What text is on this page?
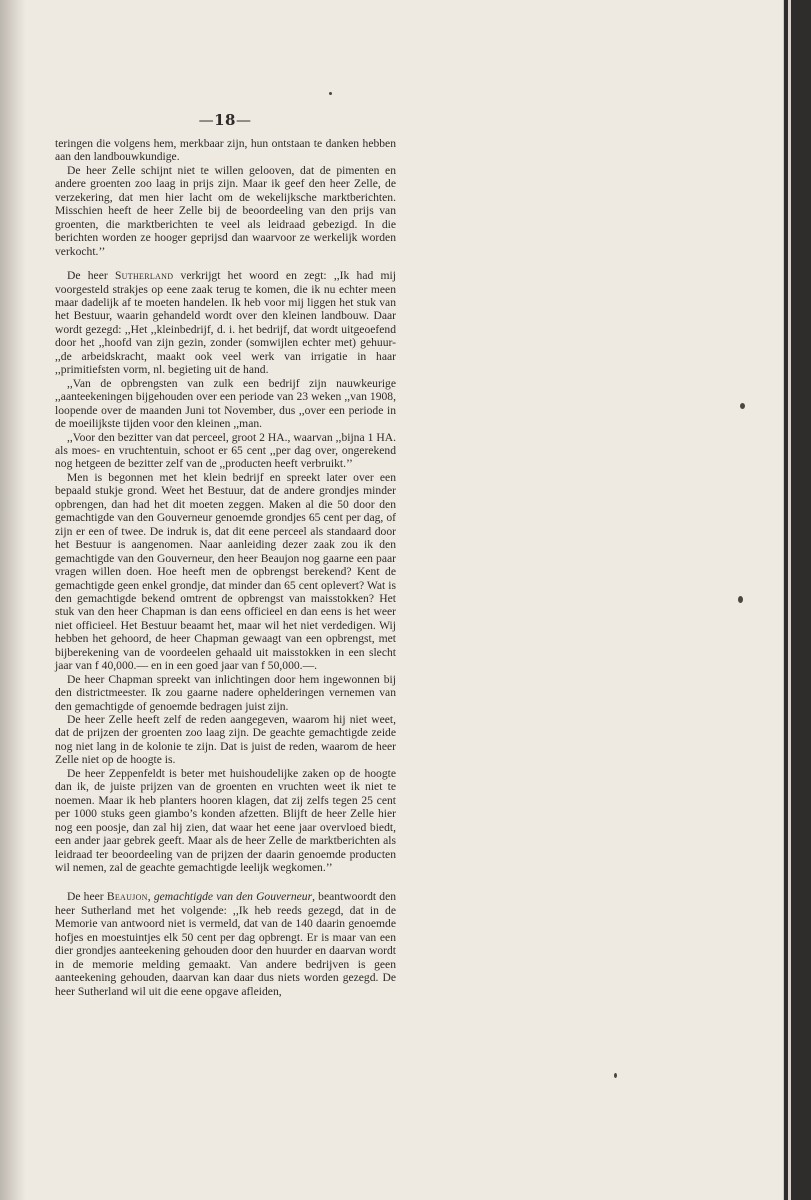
—18—

teringen die volgens hem, merkbaar zijn, hun ontstaan te danken hebben aan den landbouwkundige.

De heer Zelle schijnt niet te willen gelooven, dat de pimenten en andere groenten zoo laag in prijs zijn. Maar ik geef den heer Zelle, de verzekering, dat men hier lacht om de wekelijksche marktberichten. Misschien heeft de heer Zelle bij de beoordeeling van den prijs van groenten, die marktberichten te veel als leidraad gebezigd. In die berichten worden ze hooger geprijsd dan waarvoor ze werkelijk worden verkocht.’’

De heer Sutherland verkrijgt het woord en zegt: ,,Ik had mij voorgesteld strakjes op eene zaak terug te komen, die ik nu echter meen maar dadelijk af te moeten handelen. Ik heb voor mij liggen het stuk van het Bestuur, waarin gehandeld wordt over den kleinen landbouw. Daar wordt gezegd: ,,Het ,,kleinbedrijf, d. i. het bedrijf, dat wordt uitgeoefend door het ,,hoofd van zijn gezin, zonder (somwijlen echter met) gehuur- ,,de arbeidskracht, maakt ook veel werk van irrigatie in haar ,,primitiefsten vorm, nl. begieting uit de hand.

,,Van de opbrengsten van zulk een bedrijf zijn nauwkeurige ,,aanteekeningen bijgehouden over een periode van 23 weken ,,van 1908, loopende over de maanden Juni tot November, dus ,,over een periode in de moeilijkste tijden voor den kleinen ,,man.

,,Voor den bezitter van dat perceel, groot 2 HA., waarvan ,,bijna 1 HA. als moes- en vruchtentuin, schoot er 65 cent ,,per dag over, ongerekend nog hetgeen de bezitter zelf van de ,,producten heeft verbruikt.’’

Men is begonnen met het klein bedrijf en spreekt later over een bepaald stukje grond. Weet het Bestuur, dat de andere grondjes minder opbrengen, dan had het dit moeten zeggen. Maken al die 50 door den gemachtigde van den Gouverneur genoemde grondjes 65 cent per dag, of zijn er een of twee. De indruk is, dat dit eene perceel als standaard door het Bestuur is aangenomen. Naar aanleiding dezer zaak zou ik den gemachtigde van den Gouverneur, den heer Beaujon nog gaarne een paar vragen willen doen. Hoe heeft men de opbrengst berekend? Kent de gemachtigde geen enkel grondje, dat minder dan 65 cent oplevert? Wat is den gemachtigde bekend omtrent de opbrengst van maisstokken? Het stuk van den heer Chapman is dan eens officieel en dan eens is het weer niet officieel. Het Bestuur beaamt het, maar wil het niet verdedigen. Wij hebben het gehoord, de heer Chapman gewaagt van een opbrengst, met bijberekening van de voordeelen gehaald uit maisstokken in een slecht jaar van f 40,000.— en in een goed jaar van f 50,000.—.

De heer Chapman spreekt van inlichtingen door hem ingewonnen bij den districtmeester. Ik zou gaarne nadere ophelderingen vernemen van den gemachtigde of genoemde bedragen juist zijn.

De heer Zelle heeft zelf de reden aangegeven, waarom hij niet weet, dat de prijzen der groenten zoo laag zijn. De geachte gemachtigde zeide nog niet lang in de kolonie te zijn. Dat is juist de reden, waarom de heer Zelle niet op de hoogte is.

De heer Zeppenfeldt is beter met huishoudelijke zaken op de hoogte dan ik, de juiste prijzen van de groenten en vruchten weet ik niet te noemen. Maar ik heb planters hooren klagen, dat zij zelfs tegen 25 cent per 1000 stuks geen giambo’s konden afzetten. Blijft de heer Zelle hier nog een poosje, dan zal hij zien, dat waar het eene jaar overvloed biedt, een ander jaar gebrek geeft. Maar als de heer Zelle de marktberichten als leidraad ter beoordeeling van de prijzen der daarin genoemde producten wil nemen, zal de geachte gemachtigde leelijk wegkomen.’’

De heer Beaujon, gemachtigde van den Gouverneur, beantwoordt den heer Sutherland met het volgende: ,,Ik heb reeds gezegd, dat in de Memorie van antwoord niet is vermeld, dat van de 140 daarin genoemde hofjes en moestuintjes elk 50 cent per dag opbrengt. Er is maar van een dier grondjes aanteekening gehouden door den huurder en daarvan wordt in de memorie melding gemaakt. Van andere bedrijven is geen aanteekening gehouden, daarvan kan daar dus niets worden gezegd. De heer Sutherland wil uit die eene opgave afleiden,
